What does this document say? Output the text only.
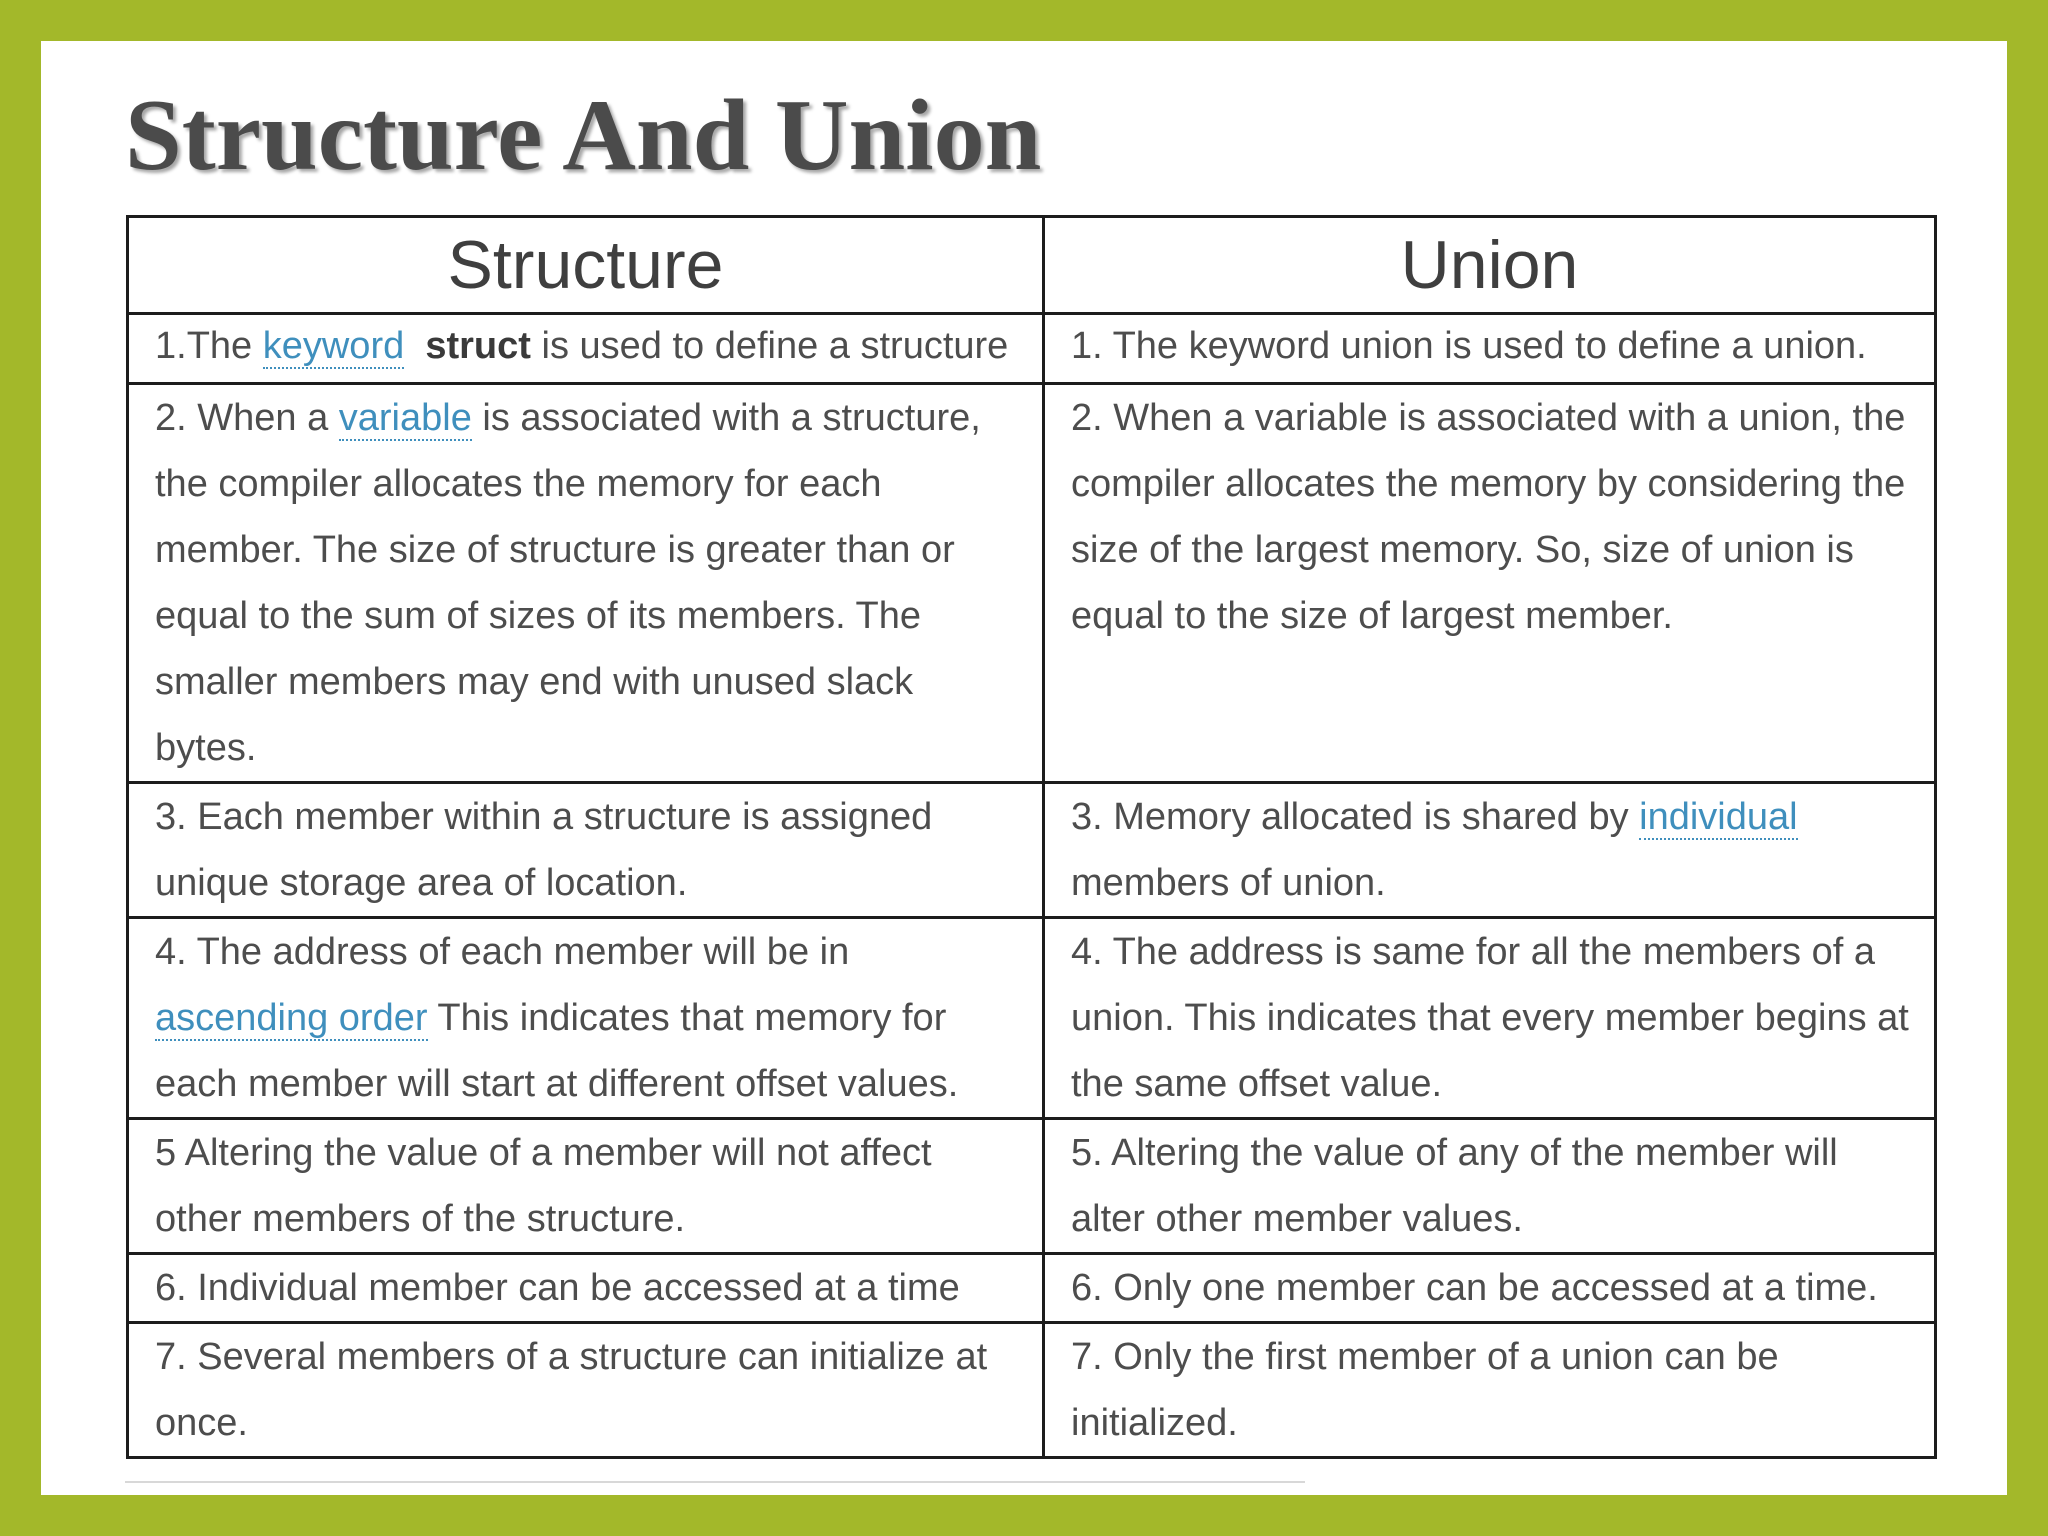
Structure And Union
Structure	Union
1.The keyword struct is used to define a structure	1. The keyword union is used to define a union.
2. When a variable is associated with a structure, the compiler allocates the memory for each member. The size of structure is greater than or equal to the sum of sizes of its members. The smaller members may end with unused slack bytes.	2. When a variable is associated with a union, the compiler allocates the memory by considering the size of the largest memory. So, size of union is equal to the size of largest member.
3. Each member within a structure is assigned unique storage area of location.	3. Memory allocated is shared by individual members of union.
4. The address of each member will be in ascending order This indicates that memory for each member will start at different offset values.	4. The address is same for all the members of a union. This indicates that every member begins at the same offset value.
5 Altering the value of a member will not affect other members of the structure.	5. Altering the value of any of the member will alter other member values.
6. Individual member can be accessed at a time	6. Only one member can be accessed at a time.
7. Several members of a structure can initialize at once.	7. Only the first member of a union can be initialized.
